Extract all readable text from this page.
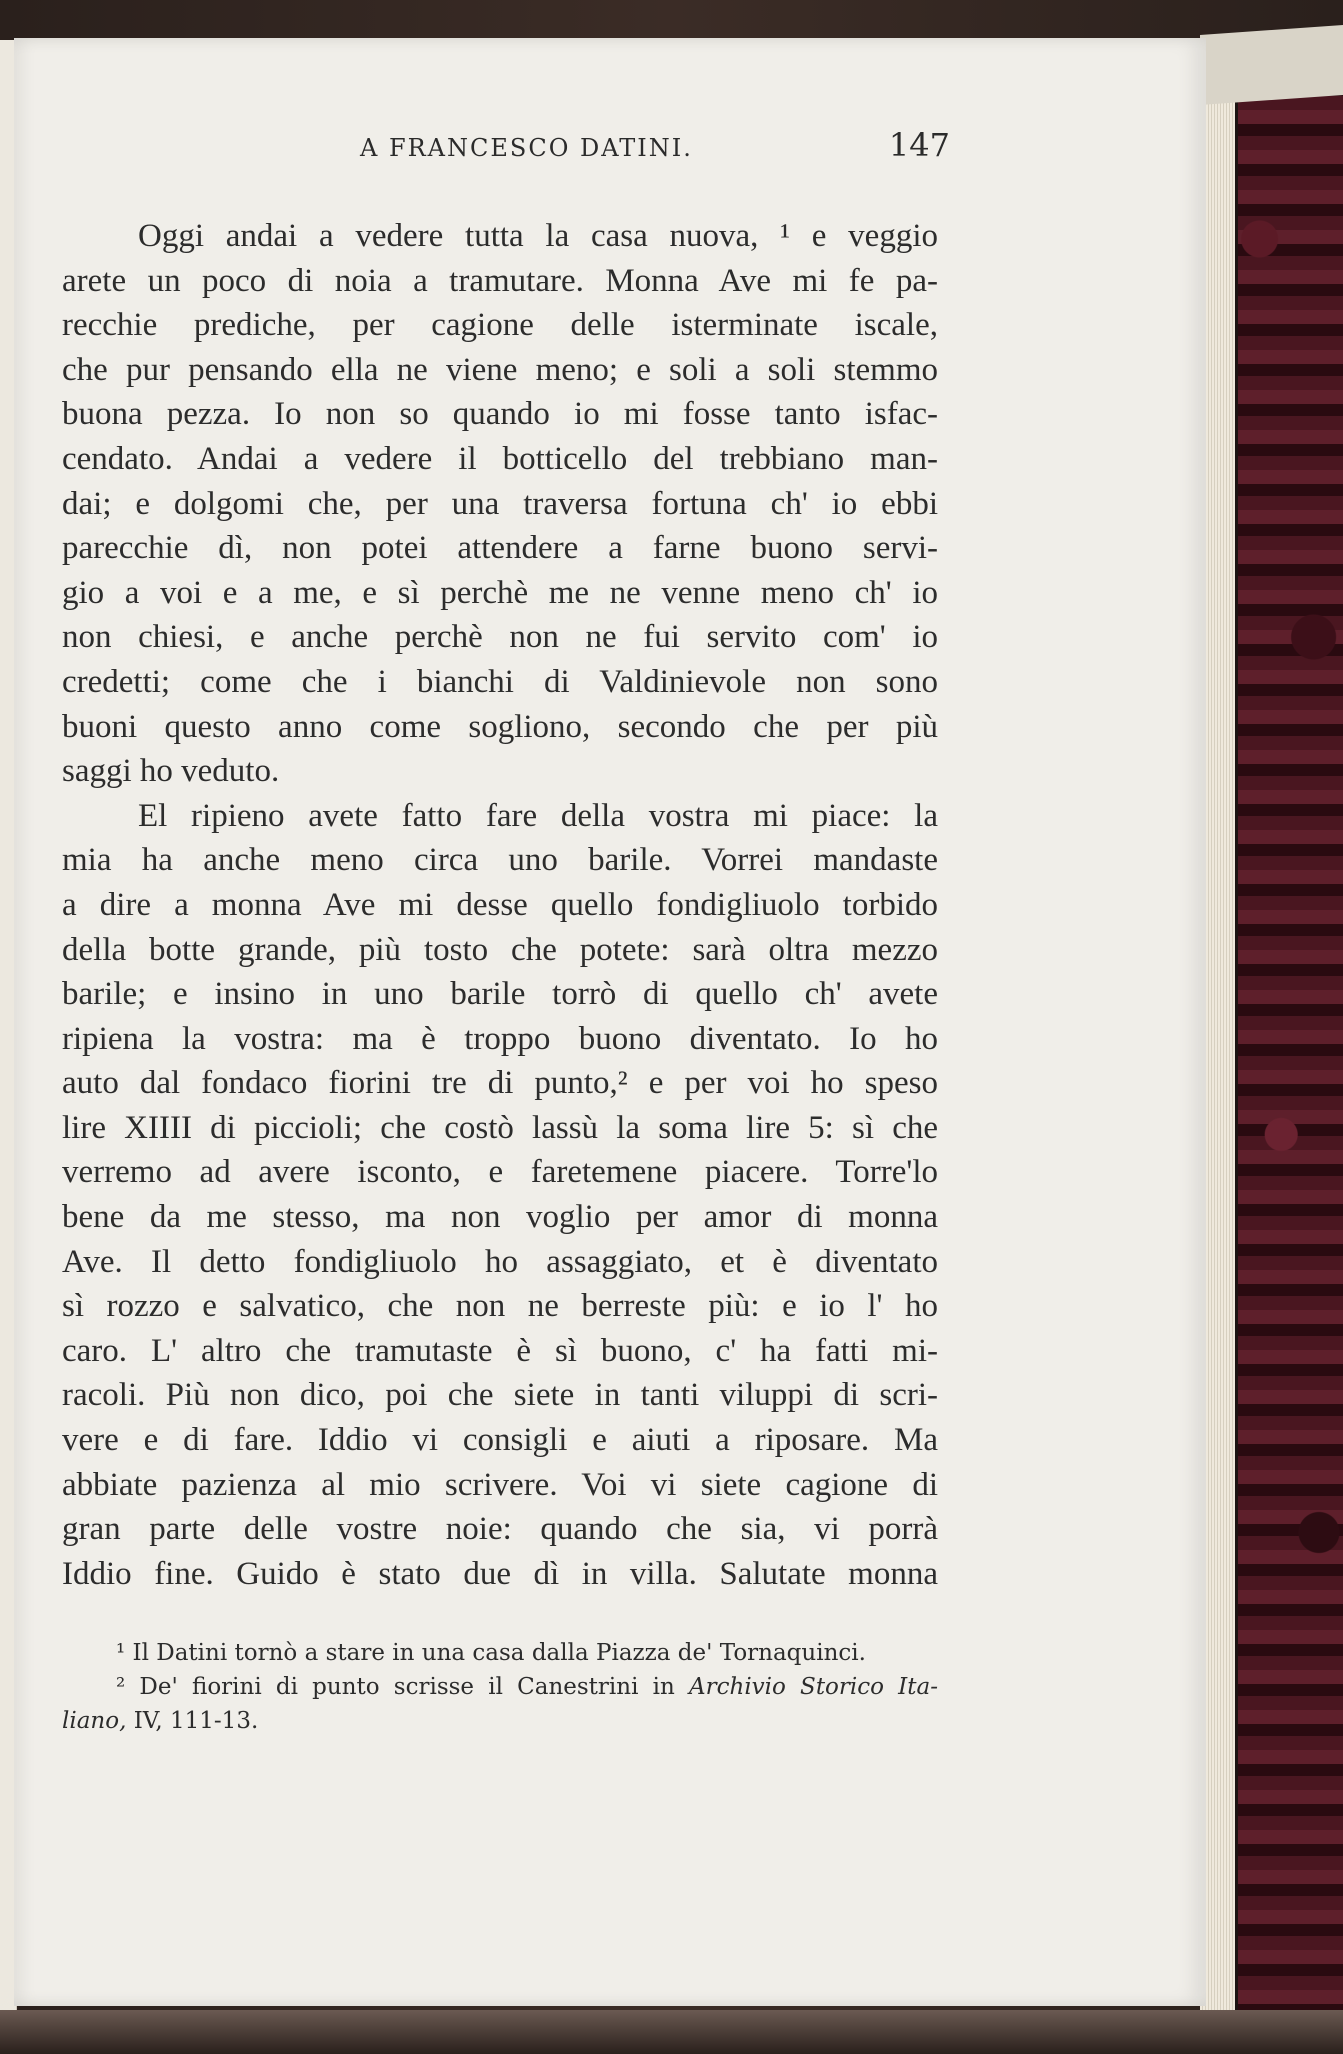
A FRANCESCO DATINI.	147
Oggi andai a vedere tutta la casa nuova, ¹ e veggio
arete un poco di noia a tramutare. Monna Ave mi fe pa-
recchie prediche, per cagione delle isterminate iscale,
che pur pensando ella ne viene meno; e soli a soli stemmo
buona pezza. Io non so quando io mi fosse tanto isfac-
cendato. Andai a vedere il botticello del trebbiano man-
dai; e dolgomi che, per una traversa fortuna ch' io ebbi
parecchie dì, non potei attendere a farne buono servi-
gio a voi e a me, e sì perchè me ne venne meno ch' io
non chiesi, e anche perchè non ne fui servito com' io
credetti; come che i bianchi di Valdinievole non sono
buoni questo anno come sogliono, secondo che per più
saggi ho veduto.
El ripieno avete fatto fare della vostra mi piace: la
mia ha anche meno circa uno barile. Vorrei mandaste
a dire a monna Ave mi desse quello fondigliuolo torbido
della botte grande, più tosto che potete: sarà oltra mezzo
barile; e insino in uno barile torrò di quello ch' avete
ripiena la vostra: ma è troppo buono diventato. Io ho
auto dal fondaco fiorini tre di punto,² e per voi ho speso
lire XIIII di piccioli; che costò lassù la soma lire 5: sì che
verremo ad avere isconto, e faretemene piacere. Torre'lo
bene da me stesso, ma non voglio per amor di monna
Ave. Il detto fondigliuolo ho assaggiato, et è diventato
sì rozzo e salvatico, che non ne berreste più: e io l' ho
caro. L' altro che tramutaste è sì buono, c' ha fatti mi-
racoli. Più non dico, poi che siete in tanti viluppi di scri-
vere e di fare. Iddio vi consigli e aiuti a riposare. Ma
abbiate pazienza al mio scrivere. Voi vi siete cagione di
gran parte delle vostre noie: quando che sia, vi porrà
Iddio fine. Guido è stato due dì in villa. Salutate monna
¹ Il Datini tornò a stare in una casa dalla Piazza de' Tornaquinci.
² De' fiorini di punto scrisse il Canestrini in Archivio Storico Ita-
liano, IV, 111-13.
